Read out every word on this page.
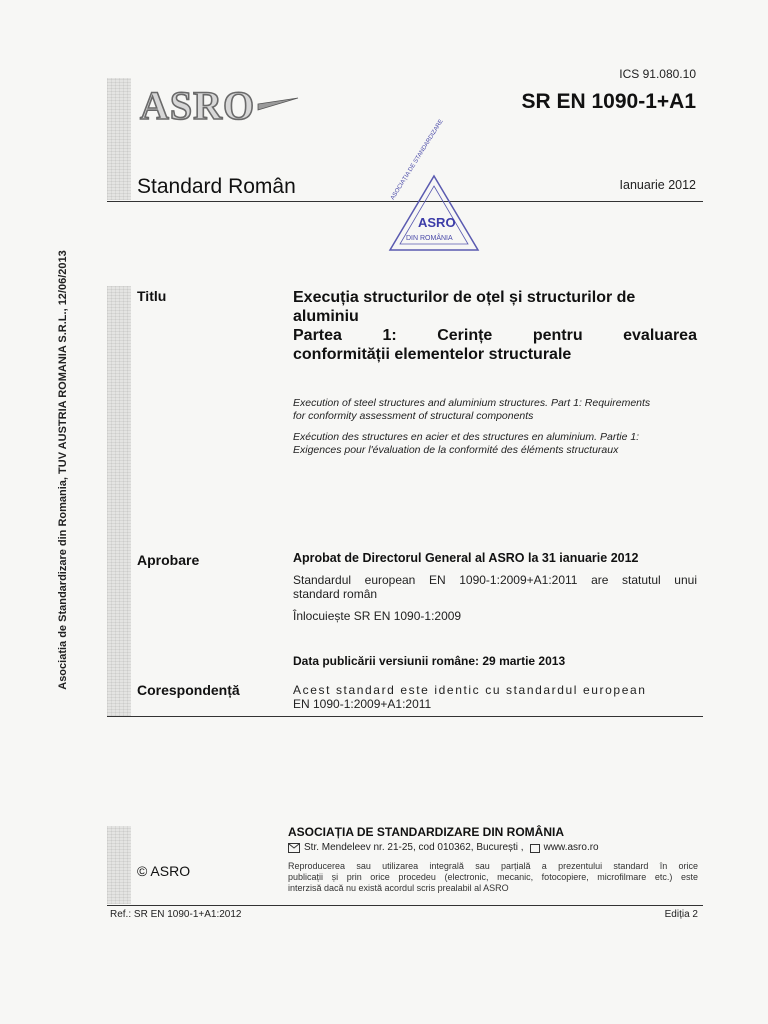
Asociatia de Standardizare din Romania, TUV AUSTRIA ROMANIA S.R.L., 12/06/2013
ASRO
ICS 91.080.10
SR EN 1090-1+A1
Standard Român	Ianuarie 2012
ASRO
DIN ROMÂNIA
ASOCIAȚIA DE STANDARDIZARE
Titlu	Execuția structurilor de oțel și structurilor de
aluminiu
Partea	1:	Cerințe	pentru	evaluarea
conformității elementelor structurale
Execution of steel structures and aluminium structures. Part 1: Requirements
for conformity assessment of structural components
Exécution des structures en acier et des structures en aluminium. Partie 1:
Exigences pour l'évaluation de la conformité des éléments structuraux
Aprobare	Aprobat de Directorul General al ASRO la 31 ianuarie 2012
Standardul european EN 1090-1:2009+A1:2011 are statutul unui
standard român
Înlocuiește SR EN 1090-1:2009
Data publicării versiunii române: 29 martie 2013
Corespondență	Acest standard este identic cu standardul european
EN 1090-1:2009+A1:2011
ASOCIAȚIA DE STANDARDIZARE DIN ROMÂNIA
Str. Mendeleev nr. 21-25, cod 010362, București , www.asro.ro
© ASRO	Reproducerea sau utilizarea integrală sau parțială a prezentului standard în orice
publicații și prin orice procedeu (electronic, mecanic, fotocopiere, microfilmare etc.) este
interzisă dacă nu există acordul scris prealabil al ASRO
Ref.: SR EN 1090-1+A1:2012	Ediția 2
